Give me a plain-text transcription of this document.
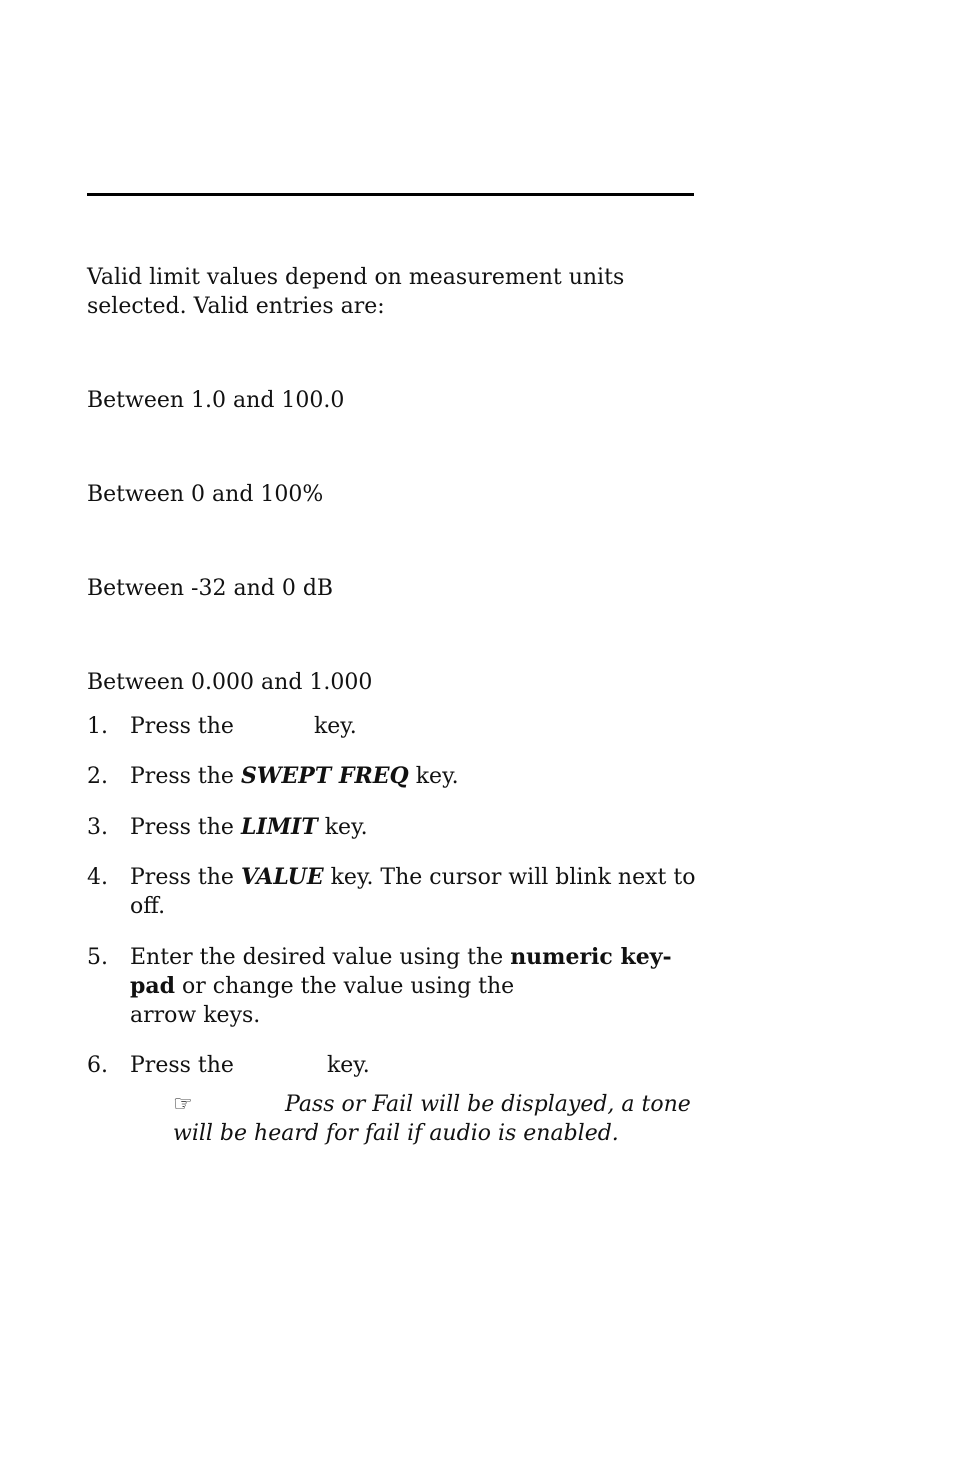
Valid limit values depend on measurement units
selected. Valid entries are:
Between 1.0 and 100.0
Between 0 and 100%
Between -32 and 0 dB
Between 0.000 and 1.000
1.	Press the	key.
2.	Press the SWEPT FREQ key.
3.	Press the LIMIT key.
4.	Press the VALUE key. The cursor will blink next to off.
5.	Enter the desired value using the numeric key-pad or change the value using the
arrow keys.
6.	Press the	key.
☞	Pass or Fail will be displayed, a tone
will be heard for fail if audio is enabled.
